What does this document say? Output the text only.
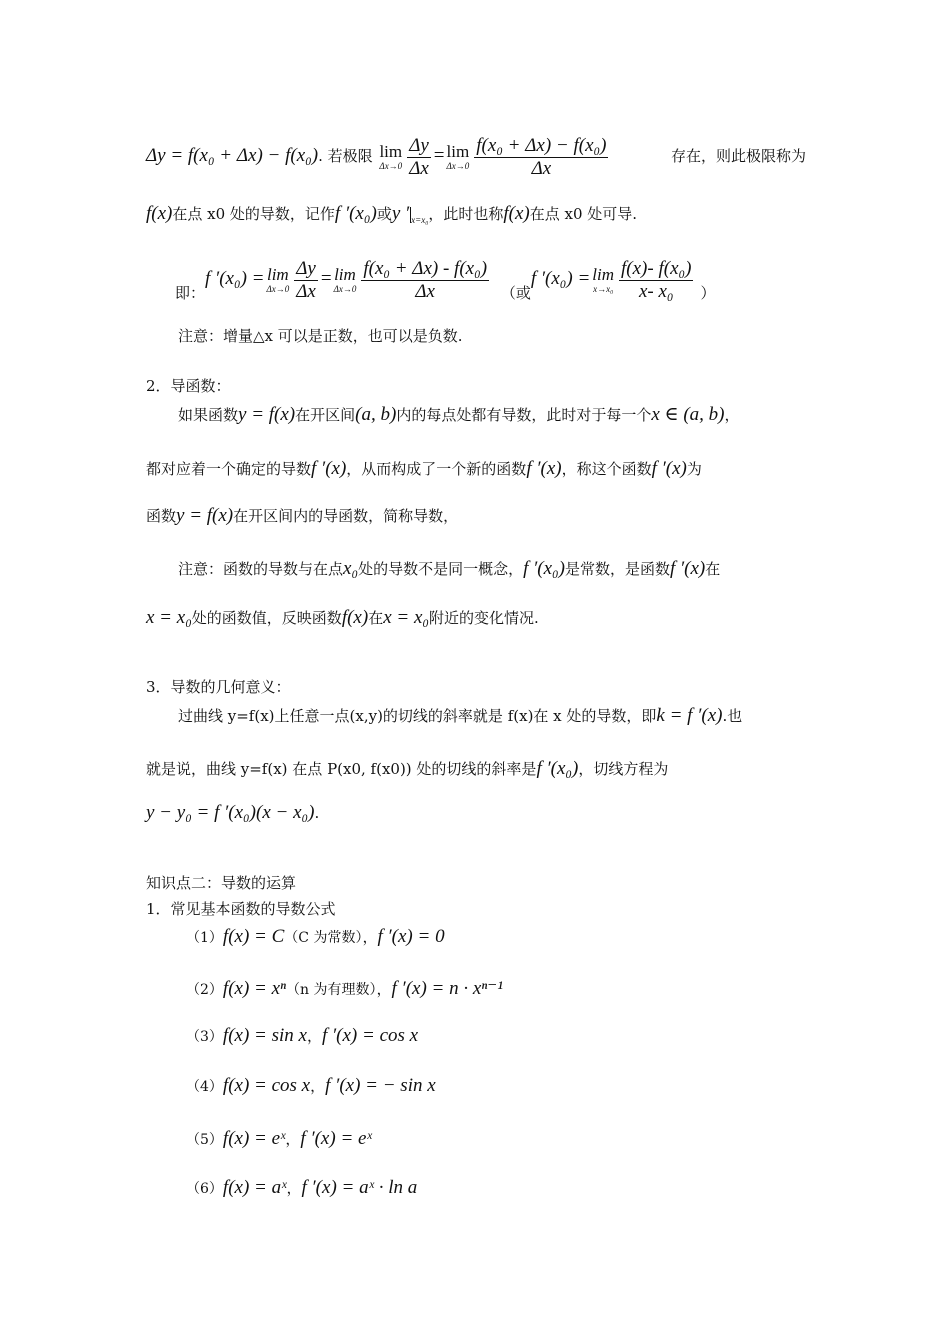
Δy = f(x₀ + Δx) − f(x₀). 若极限 lim
$\Delta x\to 0 \frac{\Delta y}{\Delta x} = \lim$
$\Delta x\to 0 \frac{\text{f(x₀ + Δx) − f(x₀)}}{\Delta x}$	存在，则此极限称为
f(x)在点 x0 处的导数，记作f ′(x₀)或y ′ $_{x=x_0}$，此时也称f(x)在点 x0 处可导.
即：f ′(x₀) = lim
$\Delta x\to 0 \frac{\Delta y}{\Delta x} = \lim$
$\Delta x\to 0 \frac{\text{f(x₀ + Δx) - f(x₀)}}{\Delta x}$ （或f ′(x₀) = lim
$x\to x_0 \frac{\text{f(x)- f(x₀)}}{\text{x- x₀}}$ ）
注意：增量△x 可以是正数，也可以是负数.
2．导函数：
如果函数y = f(x)在开区间(a, b)内的每点处都有导数，此时对于每一个x ∈ (a, b)，
都对应着一个确定的导数f ′(x)，从而构成了一个新的函数f ′(x)，称这个函数f ′(x)为
函数y = f(x)在开区间内的导函数，简称导数，
注意：函数的导数与在点x₀处的导数不是同一概念，f ′(x₀)是常数，是函数f ′(x)在
x = x₀处的函数值，反映函数f(x)在x = x₀附近的变化情况.
3．导数的几何意义：
过曲线 y=f(x)上任意一点(x,y)的切线的斜率就是 f(x)在 x 处的导数，即k = f ′(x).也
就是说，曲线 y=f(x) 在点 P(x0, f(x0)) 处的切线的斜率是f ′(x₀)，切线方程为
y − y₀ = f ′(x₀)(x − x₀).
知识点二：导数的运算
1．常见基本函数的导数公式
（1）f(x) = C（C 为常数），f ′(x) = 0
（2）f(x) = xⁿ（n 为有理数），f ′(x) = n · xⁿ⁻¹
（3）f(x) = sin x，f ′(x) = cos x
（4）f(x) = cos x，f ′(x) = − sin x
（5）f(x) = eˣ，f ′(x) = eˣ
（6）f(x) = aˣ，f ′(x) = aˣ · ln a
